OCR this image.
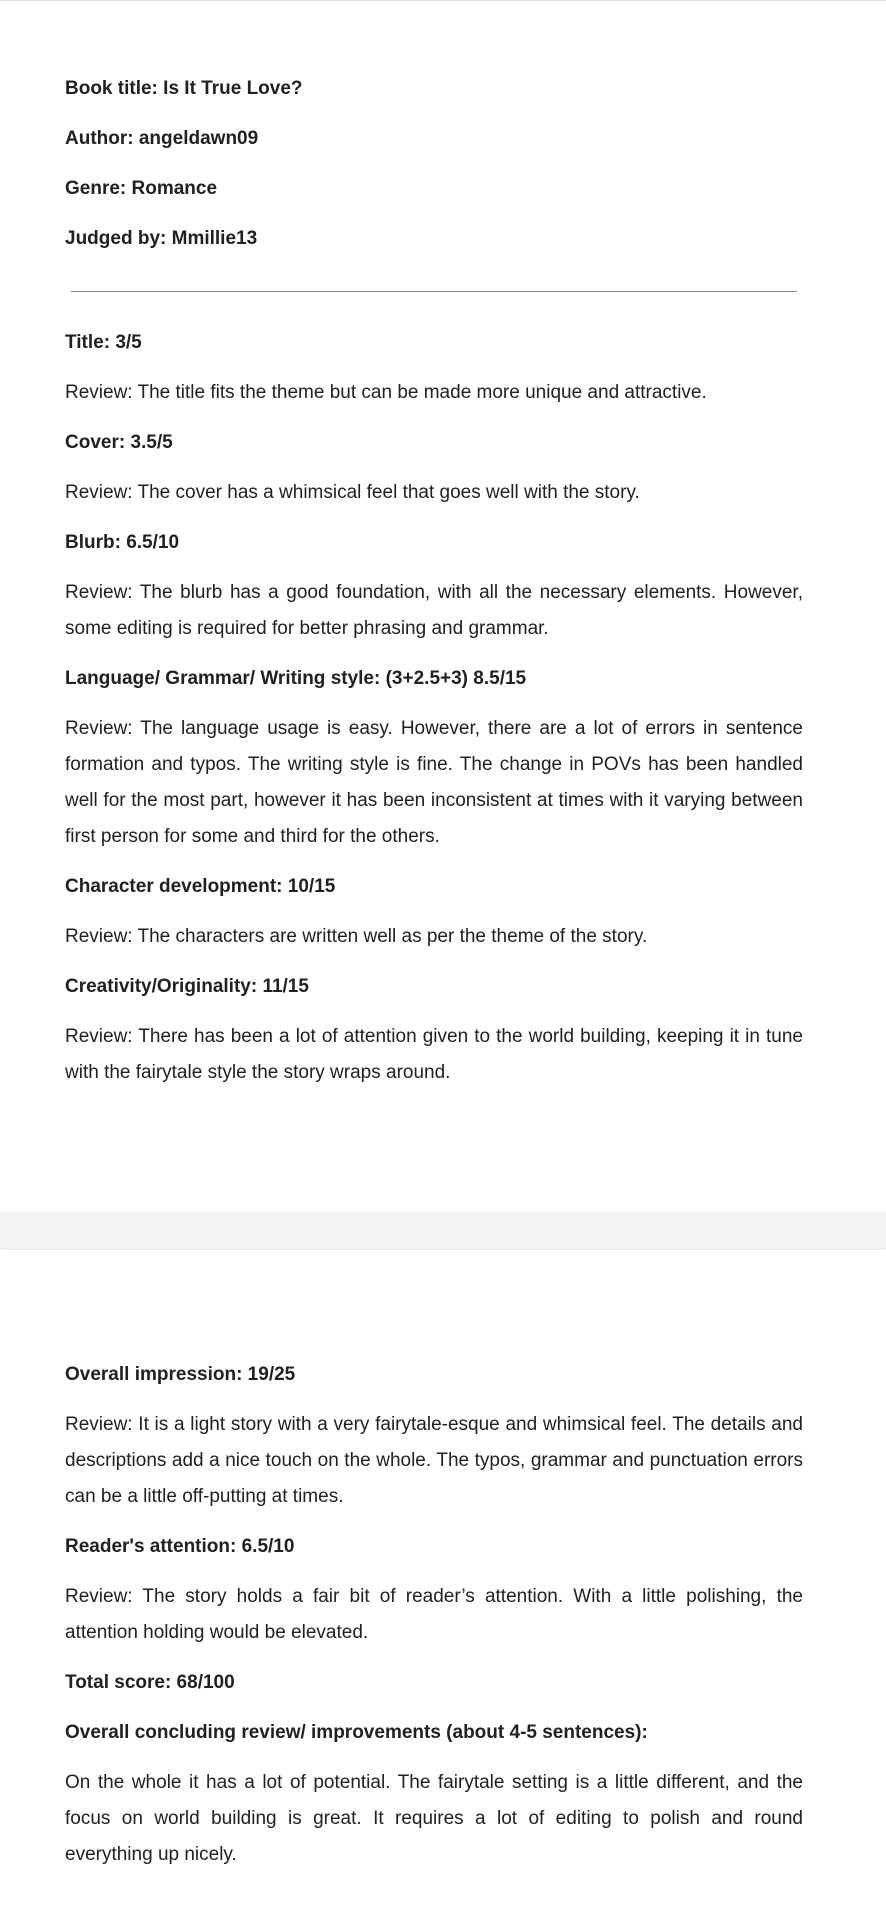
Book title: Is It True Love?

Author: angeldawn09

Genre: Romance

Judged by: Mmillie13

Title: 3/5

Review: The title fits the theme but can be made more unique and attractive.

Cover: 3.5/5

Review: The cover has a whimsical feel that goes well with the story.

Blurb: 6.5/10

Review: The blurb has a good foundation, with all the necessary elements. However, some editing is required for better phrasing and grammar.

Language/ Grammar/ Writing style: (3+2.5+3) 8.5/15

Review: The language usage is easy. However, there are a lot of errors in sentence formation and typos. The writing style is fine. The change in POVs has been handled well for the most part, however it has been inconsistent at times with it varying between first person for some and third for the others.

Character development: 10/15

Review: The characters are written well as per the theme of the story.

Creativity/Originality: 11/15

Review: There has been a lot of attention given to the world building, keeping it in tune with the fairytale style the story wraps around.

Overall impression: 19/25

Review: It is a light story with a very fairytale-esque and whimsical feel. The details and descriptions add a nice touch on the whole. The typos, grammar and punctuation errors can be a little off-putting at times.

Reader's attention: 6.5/10

Review: The story holds a fair bit of reader’s attention. With a little polishing, the attention holding would be elevated.

Total score: 68/100

Overall concluding review/ improvements (about 4-5 sentences):

On the whole it has a lot of potential. The fairytale setting is a little different, and the focus on world building is great. It requires a lot of editing to polish and round everything up nicely.
